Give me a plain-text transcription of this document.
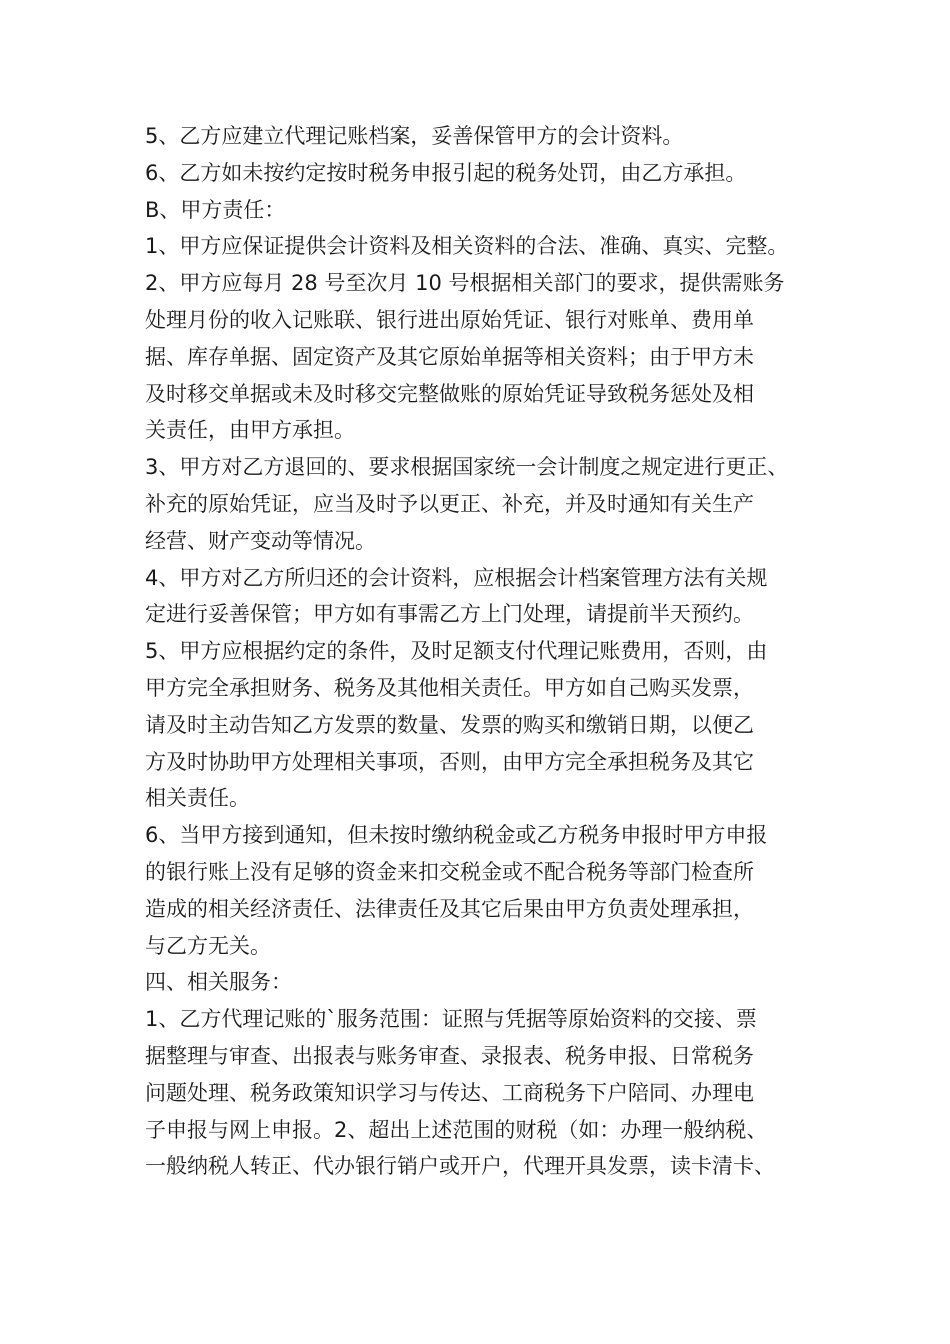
5、乙方应建立代理记账档案，妥善保管甲方的会计资料。
6、乙方如未按约定按时税务申报引起的税务处罚，由乙方承担。
B、甲方责任：
1、甲方应保证提供会计资料及相关资料的合法、准确、真实、完整。
2、甲方应每月 28 号至次月 10 号根据相关部门的要求，提供需账务
处理月份的收入记账联、银行进出原始凭证、银行对账单、费用单
据、库存单据、固定资产及其它原始单据等相关资料；由于甲方未
及时移交单据或未及时移交完整做账的原始凭证导致税务惩处及相
关责任，由甲方承担。
3、甲方对乙方退回的、要求根据国家统一会计制度之规定进行更正、
补充的原始凭证，应当及时予以更正、补充，并及时通知有关生产
经营、财产变动等情况。
4、甲方对乙方所归还的会计资料，应根据会计档案管理方法有关规
定进行妥善保管；甲方如有事需乙方上门处理，请提前半天预约。
5、甲方应根据约定的条件，及时足额支付代理记账费用，否则，由
甲方完全承担财务、税务及其他相关责任。甲方如自己购买发票，
请及时主动告知乙方发票的数量、发票的购买和缴销日期，以便乙
方及时协助甲方处理相关事项，否则，由甲方完全承担税务及其它
相关责任。
6、当甲方接到通知，但未按时缴纳税金或乙方税务申报时甲方申报
的银行账上没有足够的资金来扣交税金或不配合税务等部门检查所
造成的相关经济责任、法律责任及其它后果由甲方负责处理承担，
与乙方无关。
四、相关服务：
1、乙方代理记账的`服务范围：证照与凭据等原始资料的交接、票
据整理与审查、出报表与账务审查、录报表、税务申报、日常税务
问题处理、税务政策知识学习与传达、工商税务下户陪同、办理电
子申报与网上申报。2、超出上述范围的财税（如：办理一般纳税、
一般纳税人转正、代办银行销户或开户，代理开具发票，读卡清卡、
